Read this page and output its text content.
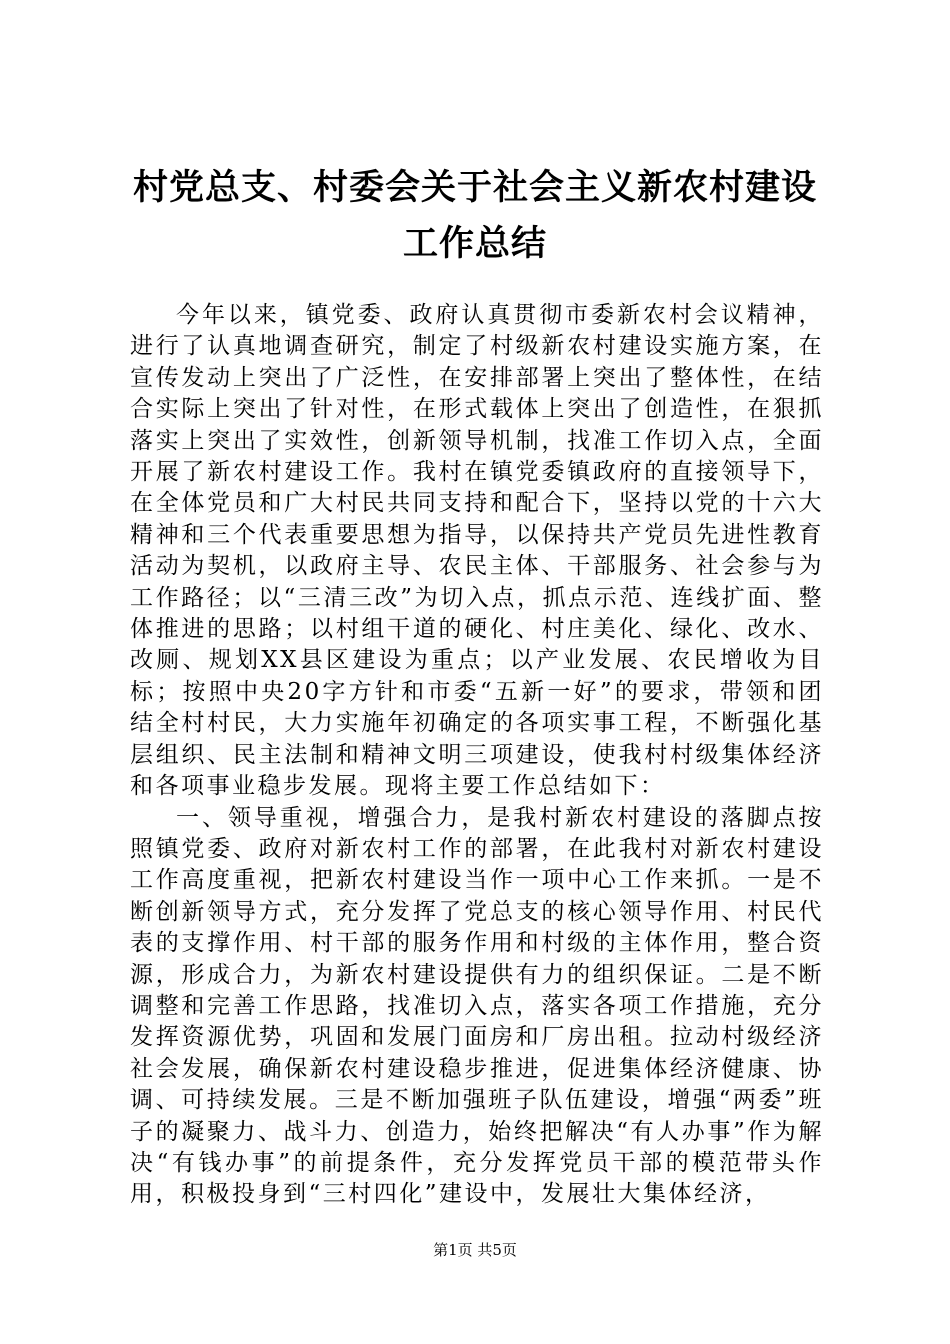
村党总支、村委会关于社会主义新农村建设工作总结

今年以来，镇党委、政府认真贯彻市委新农村会议精神，进行了认真地调查研究，制定了村级新农村建设实施方案，在宣传发动上突出了广泛性，在安排部署上突出了整体性，在结合实际上突出了针对性，在形式载体上突出了创造性，在狠抓落实上突出了实效性，创新领导机制，找准工作切入点，全面开展了新农村建设工作。我村在镇党委镇政府的直接领导下，在全体党员和广大村民共同支持和配合下，坚持以党的十六大精神和三个代表重要思想为指导，以保持共产党员先进性教育活动为契机，以政府主导、农民主体、干部服务、社会参与为工作路径；以“三清三改”为切入点，抓点示范、连线扩面、整体推进的思路；以村组干道的硬化、村庄美化、绿化、改水、改厕、规划XX县区建设为重点；以产业发展、农民增收为目标；按照中央20字方针和市委“五新一好”的要求，带领和团结全村村民，大力实施年初确定的各项实事工程，不断强化基层组织、民主法制和精神文明三项建设，使我村村级集体经济和各项事业稳步发展。现将主要工作总结如下：

一、领导重视，增强合力，是我村新农村建设的落脚点按照镇党委、政府对新农村工作的部署，在此我村对新农村建设工作高度重视，把新农村建设当作一项中心工作来抓。一是不断创新领导方式，充分发挥了党总支的核心领导作用、村民代表的支撑作用、村干部的服务作用和村级的主体作用，整合资源，形成合力，为新农村建设提供有力的组织保证。二是不断调整和完善工作思路，找准切入点，落实各项工作措施，充分发挥资源优势，巩固和发展门面房和厂房出租。拉动村级经济社会发展，确保新农村建设稳步推进，促进集体经济健康、协调、可持续发展。三是不断加强班子队伍建设，增强“两委”班子的凝聚力、战斗力、创造力，始终把解决“有人办事”作为解决“有钱办事”的前提条件，充分发挥党员干部的模范带头作用，积极投身到“三村四化”建设中，发展壮大集体经济，

第1页 共5页
